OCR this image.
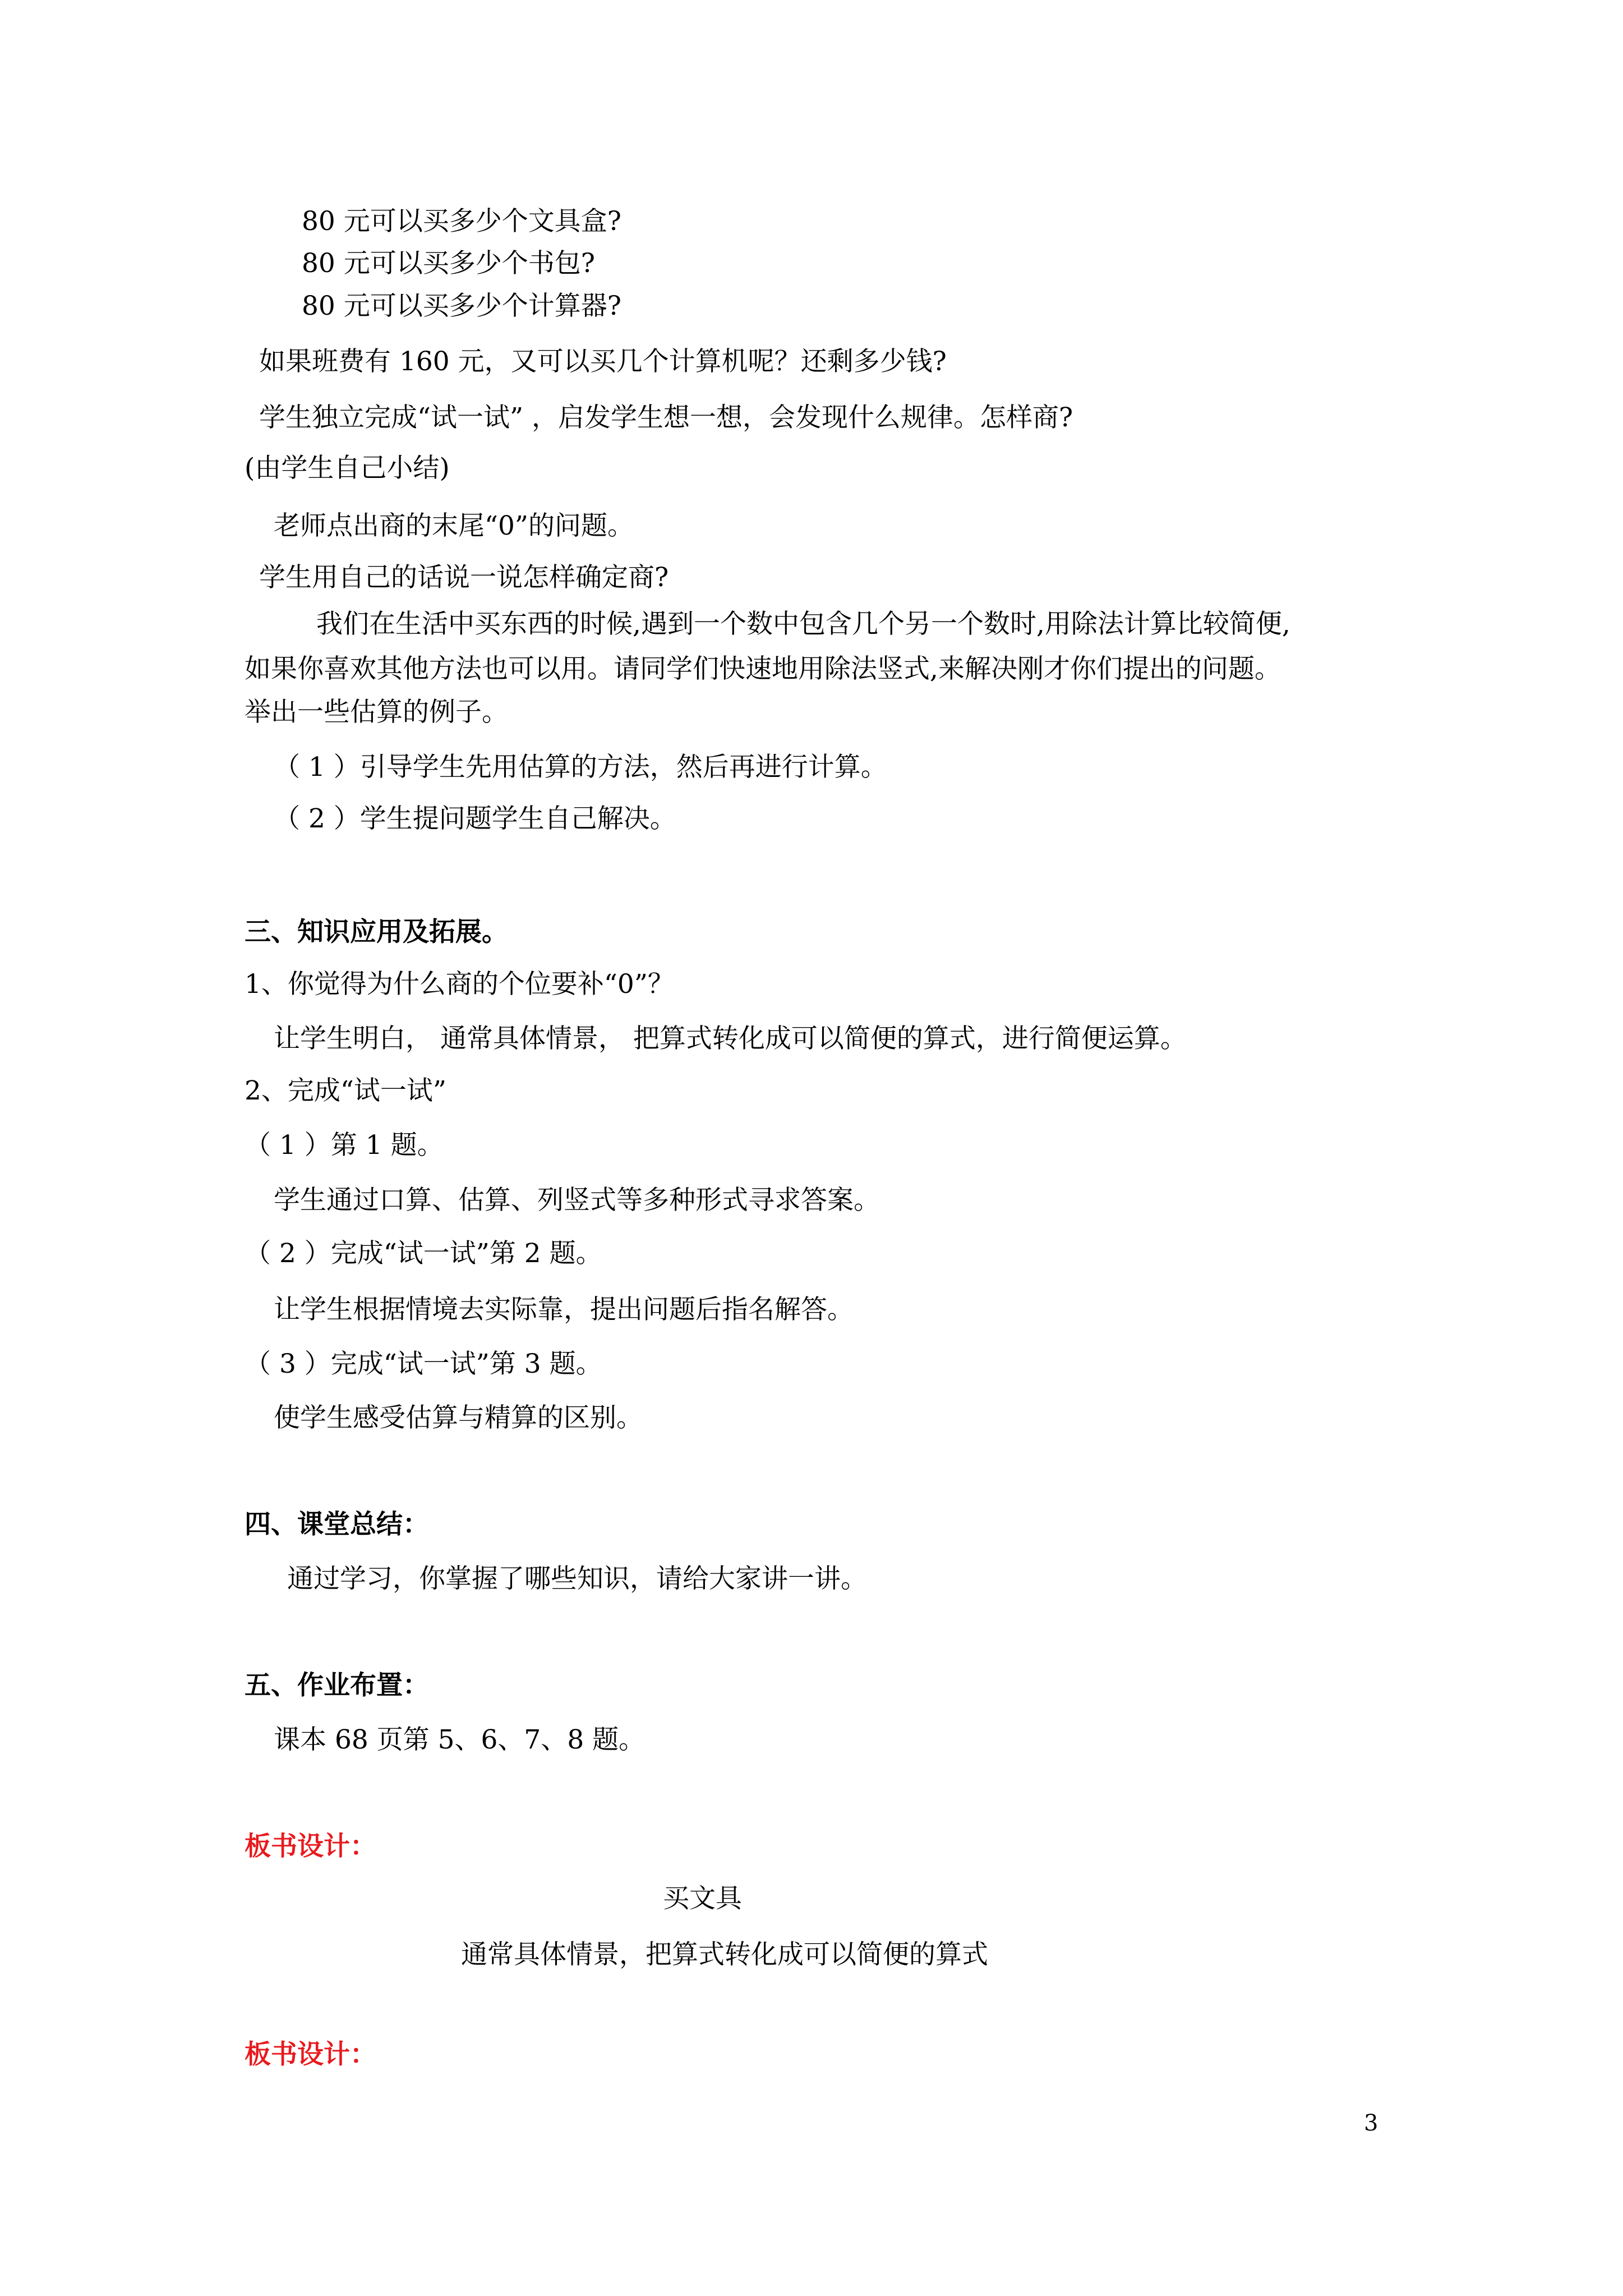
80 元可以买多少个文具盒?

80 元可以买多少个书包?

80 元可以买多少个计算器?

如果班费有 160 元，又可以买几个计算机呢？还剩多少钱?

学生独立完成“试一试” ，启发学生想一想，会发现什么规律。怎样商?

(由学生自己小结)

老师点出商的末尾“0”的问题。

学生用自己的话说一说怎样确定商?

我们在生活中买东西的时候,遇到一个数中包含几个另一个数时,用除法计算比较简便,

如果你喜欢其他方法也可以用。请同学们快速地用除法竖式,来解决刚才你们提出的问题。

举出一些估算的例子。

（ 1 ）引导学生先用估算的方法，然后再进行计算。

（ 2 ）学生提问题学生自己解决。

三、知识应用及拓展。

1、你觉得为什么商的个位要补“0”？

让学生明白， 通常具体情景， 把算式转化成可以简便的算式，进行简便运算。

2、完成“试一试”

（ 1 ）第 1 题。

学生通过口算、估算、列竖式等多种形式寻求答案。

（ 2 ）完成“试一试”第 2 题。

让学生根据情境去实际靠，提出问题后指名解答。

（ 3 ）完成“试一试”第 3 题。

使学生感受估算与精算的区别。

四、课堂总结：

通过学习，你掌握了哪些知识，请给大家讲一讲。

五、作业布置：

课本 68 页第 5、6、7、8 题。

板书设计：

买文具

通常具体情景，把算式转化成可以简便的算式

板书设计：

3
